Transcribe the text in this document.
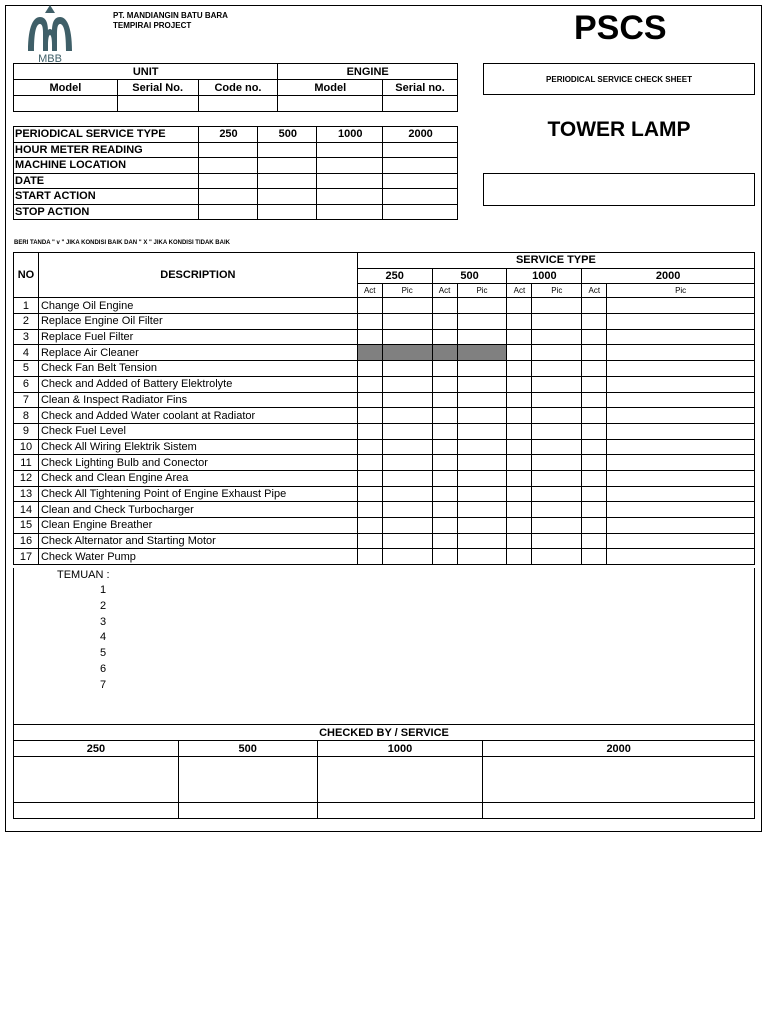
MBB
PT. MANDIANGIN BATU BARA
TEMPIRAI PROJECT	PSCS
PERIODICAL SERVICE CHECK SHEET
TOWER LAMP
UNIT			ENGINE	
Model	Serial No.	Code no.	Model	Serial no.

PERIODICAL SERVICE TYPE	250	500	1000	2000
HOUR METER READING				
MACHINE LOCATION				
DATE				
START ACTION				
STOP ACTION				
BERI TANDA " v " JIKA KONDISI BAIK DAN " X " JIKA KONDISI TIDAK BAIK
NO	DESCRIPTION	SERVICE TYPE							
		250		500		1000		2000	
		Act	Pic	Act	Pic	Act	Pic	Act	Pic
1	Change Oil Engine								
2	Replace Engine Oil Filter								
3	Replace Fuel Filter								
4	Replace Air Cleaner								
5	Check Fan Belt Tension								
6	Check and Added of Battery Elektrolyte								
7	Clean & Inspect Radiator Fins								
8	Check and Added Water coolant at Radiator								
9	Check Fuel Level								
10	Check All Wiring Elektrik Sistem								
11	Check Lighting Bulb and Conector								
12	Check and Clean Engine Area								
13	Check All Tightening Point of Engine Exhaust Pipe								
14	Clean and Check Turbocharger								
15	Clean Engine Breather								
16	Check Alternator and Starting Motor								
17	Check Water Pump								
TEMUAN :
1
2
3
4
5
6
7
CHECKED BY / SERVICE			
250	500	1000	2000
